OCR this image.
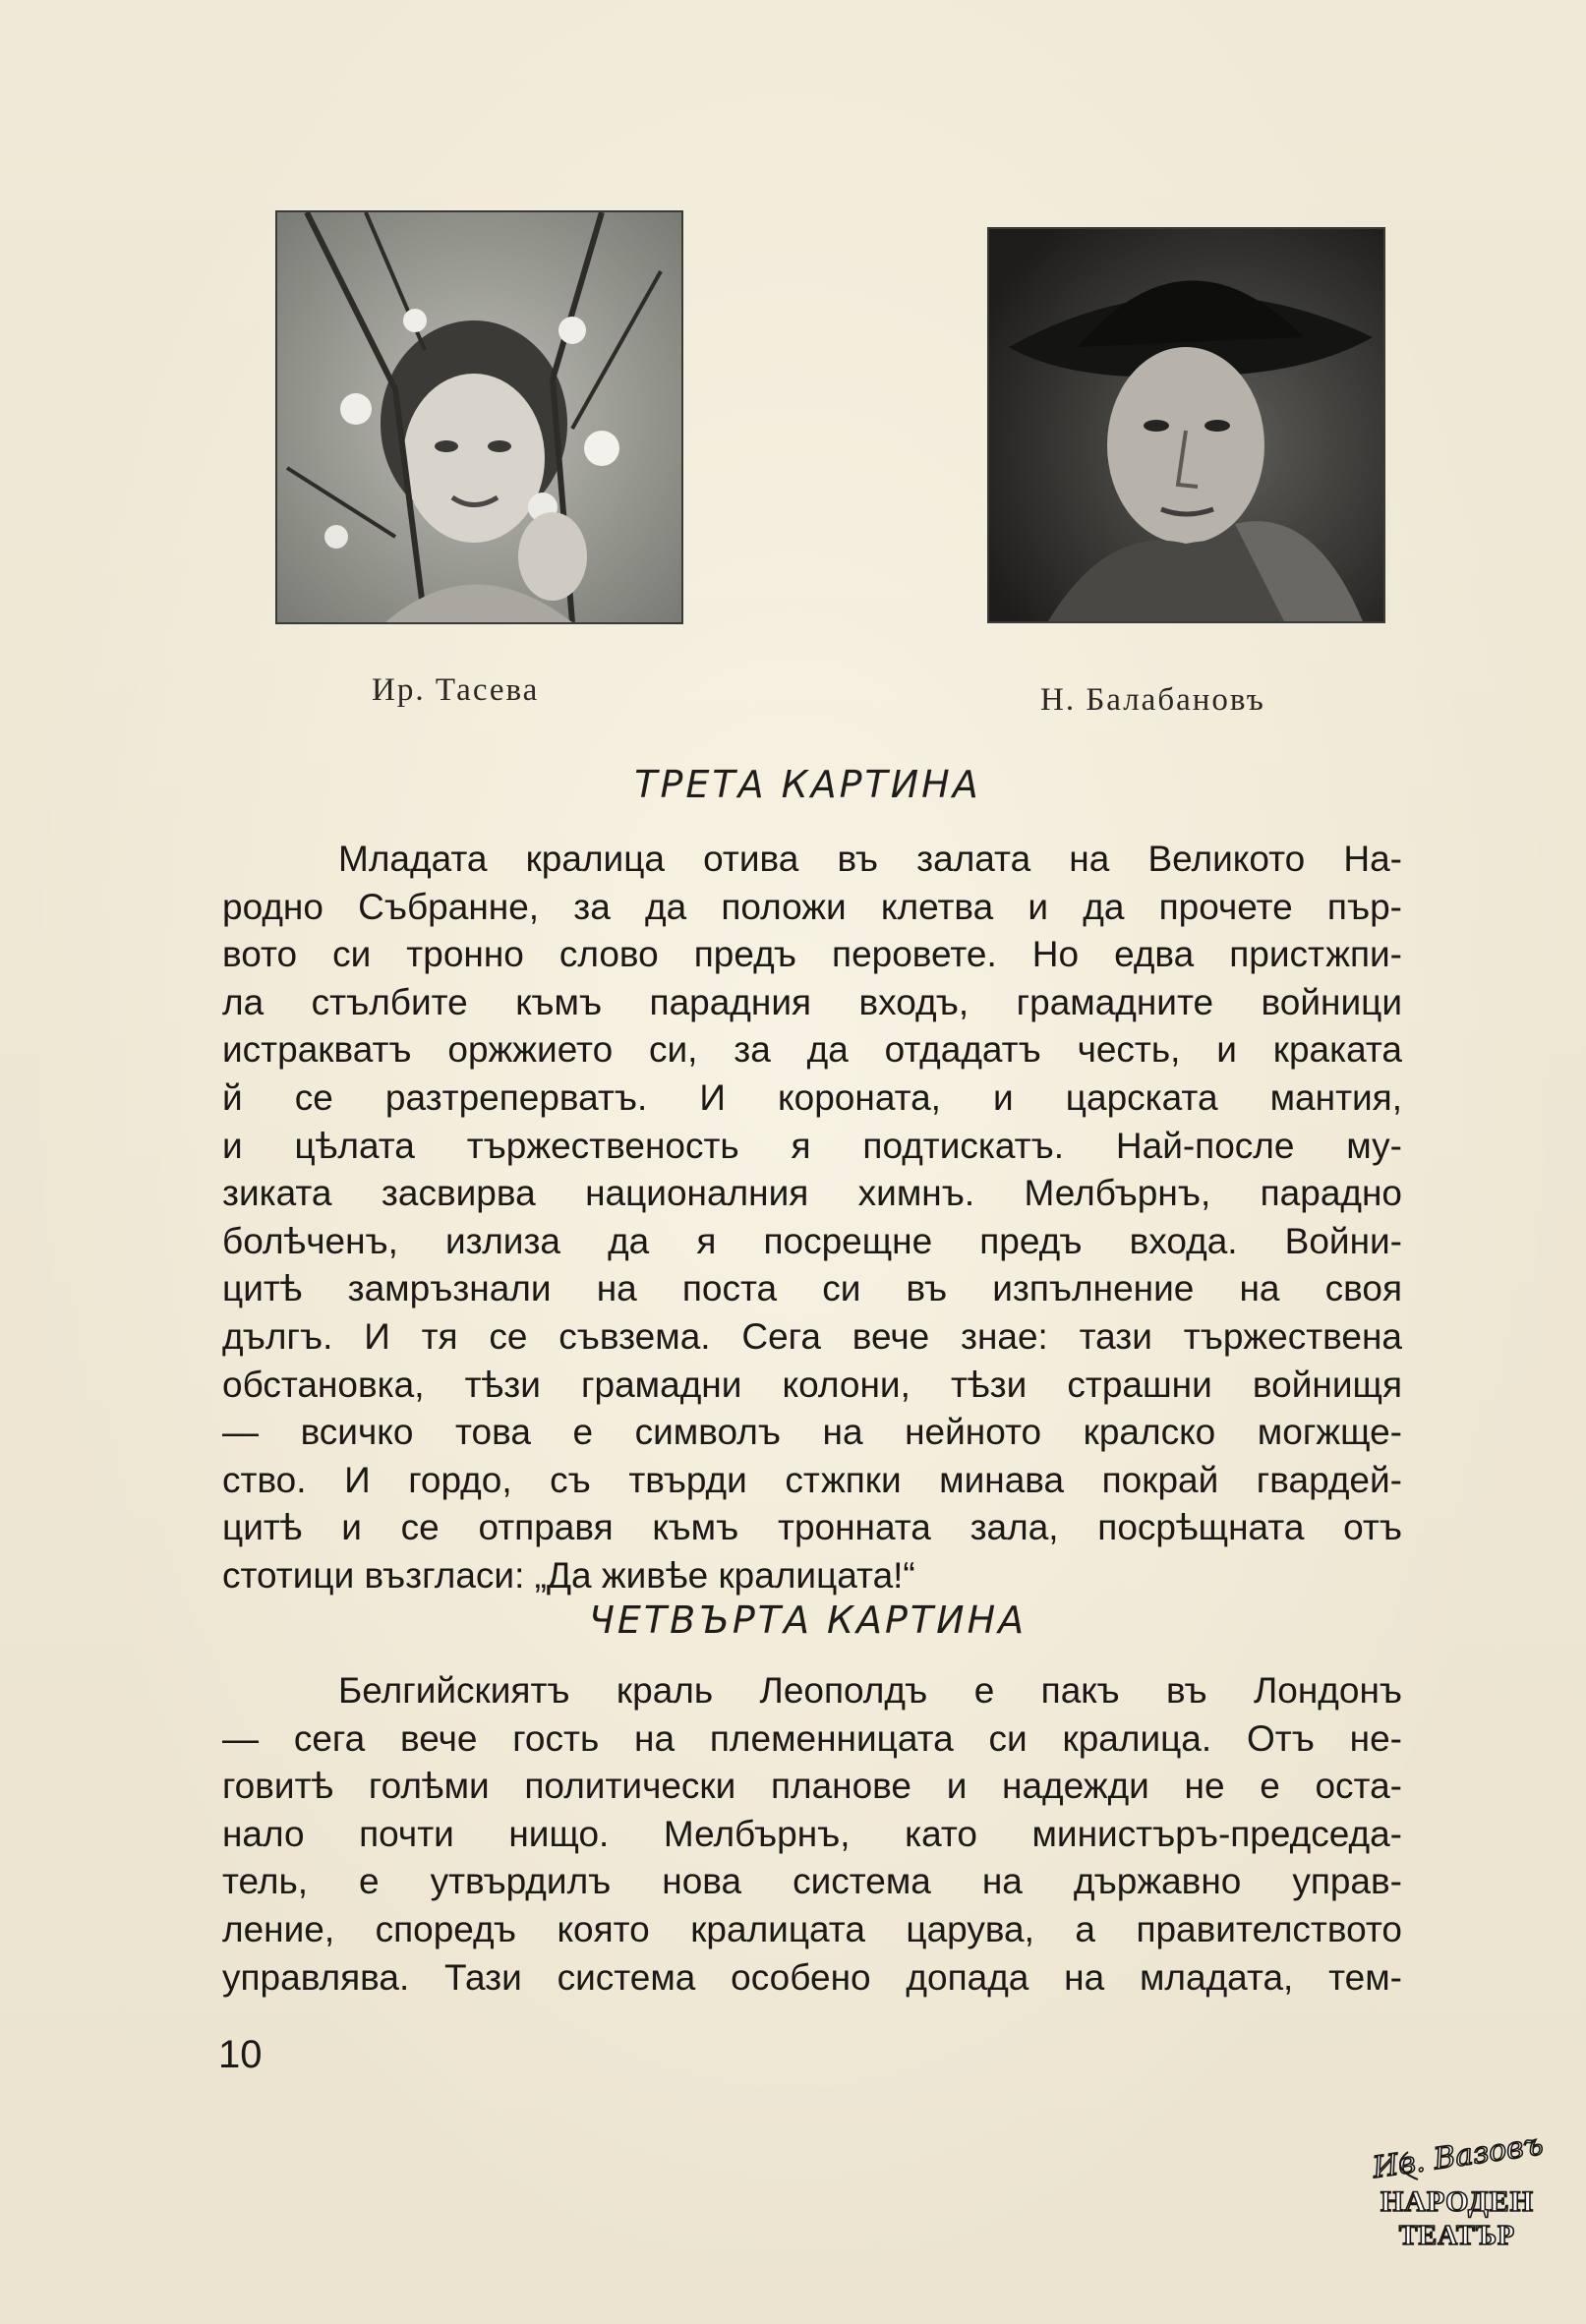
Ир. Тасева	Н. Балабановъ
ТРЕТА КАРТИНА
Младата кралица отива въ залата на Великото На-
родно Събранне, за да положи клетва и да прочете пър-
вото си тронно слово предъ перовете. Но едва пристжпи-
ла стълбите къмъ парадния входъ, грамадните войници
истракватъ оржжието си, за да отдадатъ честь, и краката
й се разтреперватъ. И короната, и царската мантия,
и цѣлата тържественость я подтискатъ. Най-после му-
зиката засвирва националния химнъ. Мелбърнъ, парадно
болѣченъ, излиза да я посрещне предъ входа. Войни-
цитѣ замръзнали на поста си въ изпълнение на своя
дългъ. И тя се съвзема. Сега вече знае: тази тържествена
обстановка, тѣзи грамадни колони, тѣзи страшни войнищя
— всичко това е символъ на нейното кралско могжще-
ство. И гордо, съ твърди стжпки минава покрай гвардей-
цитѣ и се отправя къмъ тронната зала, посрѣщната отъ
стотици възгласи: „Да живѣе кралицата!“
ЧЕТВЪРТА КАРТИНА
Белгийскиятъ краль Леополдъ е пакъ въ Лондонъ
— сега вече гость на племенницата си кралица. Отъ не-
говитѣ голѣми политически планове и надежди не е оста-
нало почти нищо. Мелбърнъ, като министъръ-председа-
тель, е утвърдилъ нова система на държавно управ-
ление, споредъ която кралицата царува, а правителството
управлява. Тази система особено допада на младата, тем-
10
Ив. Вазовъ
НАРОДЕН
ТЕАТЪР
